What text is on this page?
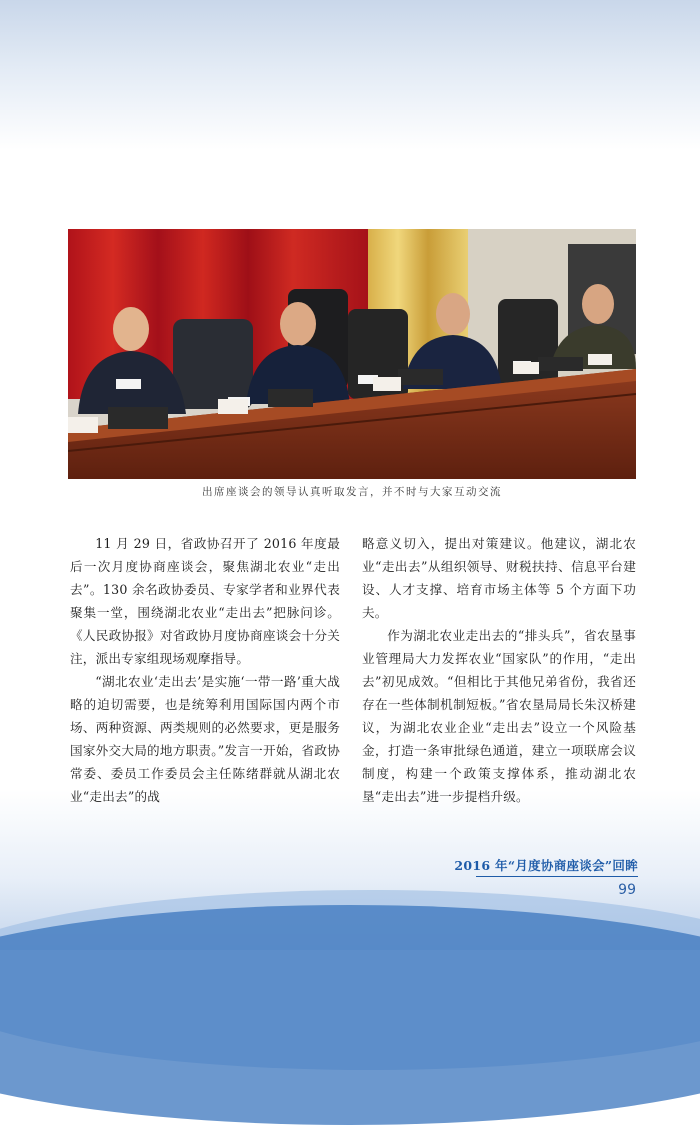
出席座谈会的领导认真听取发言，并不时与大家互动交流

11 月 29 日，省政协召开了 2016 年度最后一次月度协商座谈会，聚焦湖北农业“走出去”。130 余名政协委员、专家学者和业界代表聚集一堂，围绕湖北农业“走出去”把脉问诊。《人民政协报》对省政协月度协商座谈会十分关注，派出专家组现场观摩指导。

“湖北农业‘走出去’是实施‘一带一路’重大战略的迫切需要，也是统筹利用国际国内两个市场、两种资源、两类规则的必然要求，更是服务国家外交大局的地方职责。”发言一开始，省政协常委、委员工作委员会主任陈绪群就从湖北农业“走出去”的战

略意义切入，提出对策建议。他建议，湖北农业“走出去”从组织领导、财税扶持、信息平台建设、人才支撑、培育市场主体等 5 个方面下功夫。

作为湖北农业走出去的“排头兵”，省农垦事业管理局大力发挥农业“国家队”的作用，“走出去”初见成效。“但相比于其他兄弟省份，我省还存在一些体制机制短板。”省农垦局局长朱汉桥建议，为湖北农业企业“走出去”设立一个风险基金，打造一条审批绿色通道，建立一项联席会议制度，构建一个政策支撑体系，推动湖北农垦“走出去”进一步提档升级。

2016 年“月度协商座谈会”回眸
99
